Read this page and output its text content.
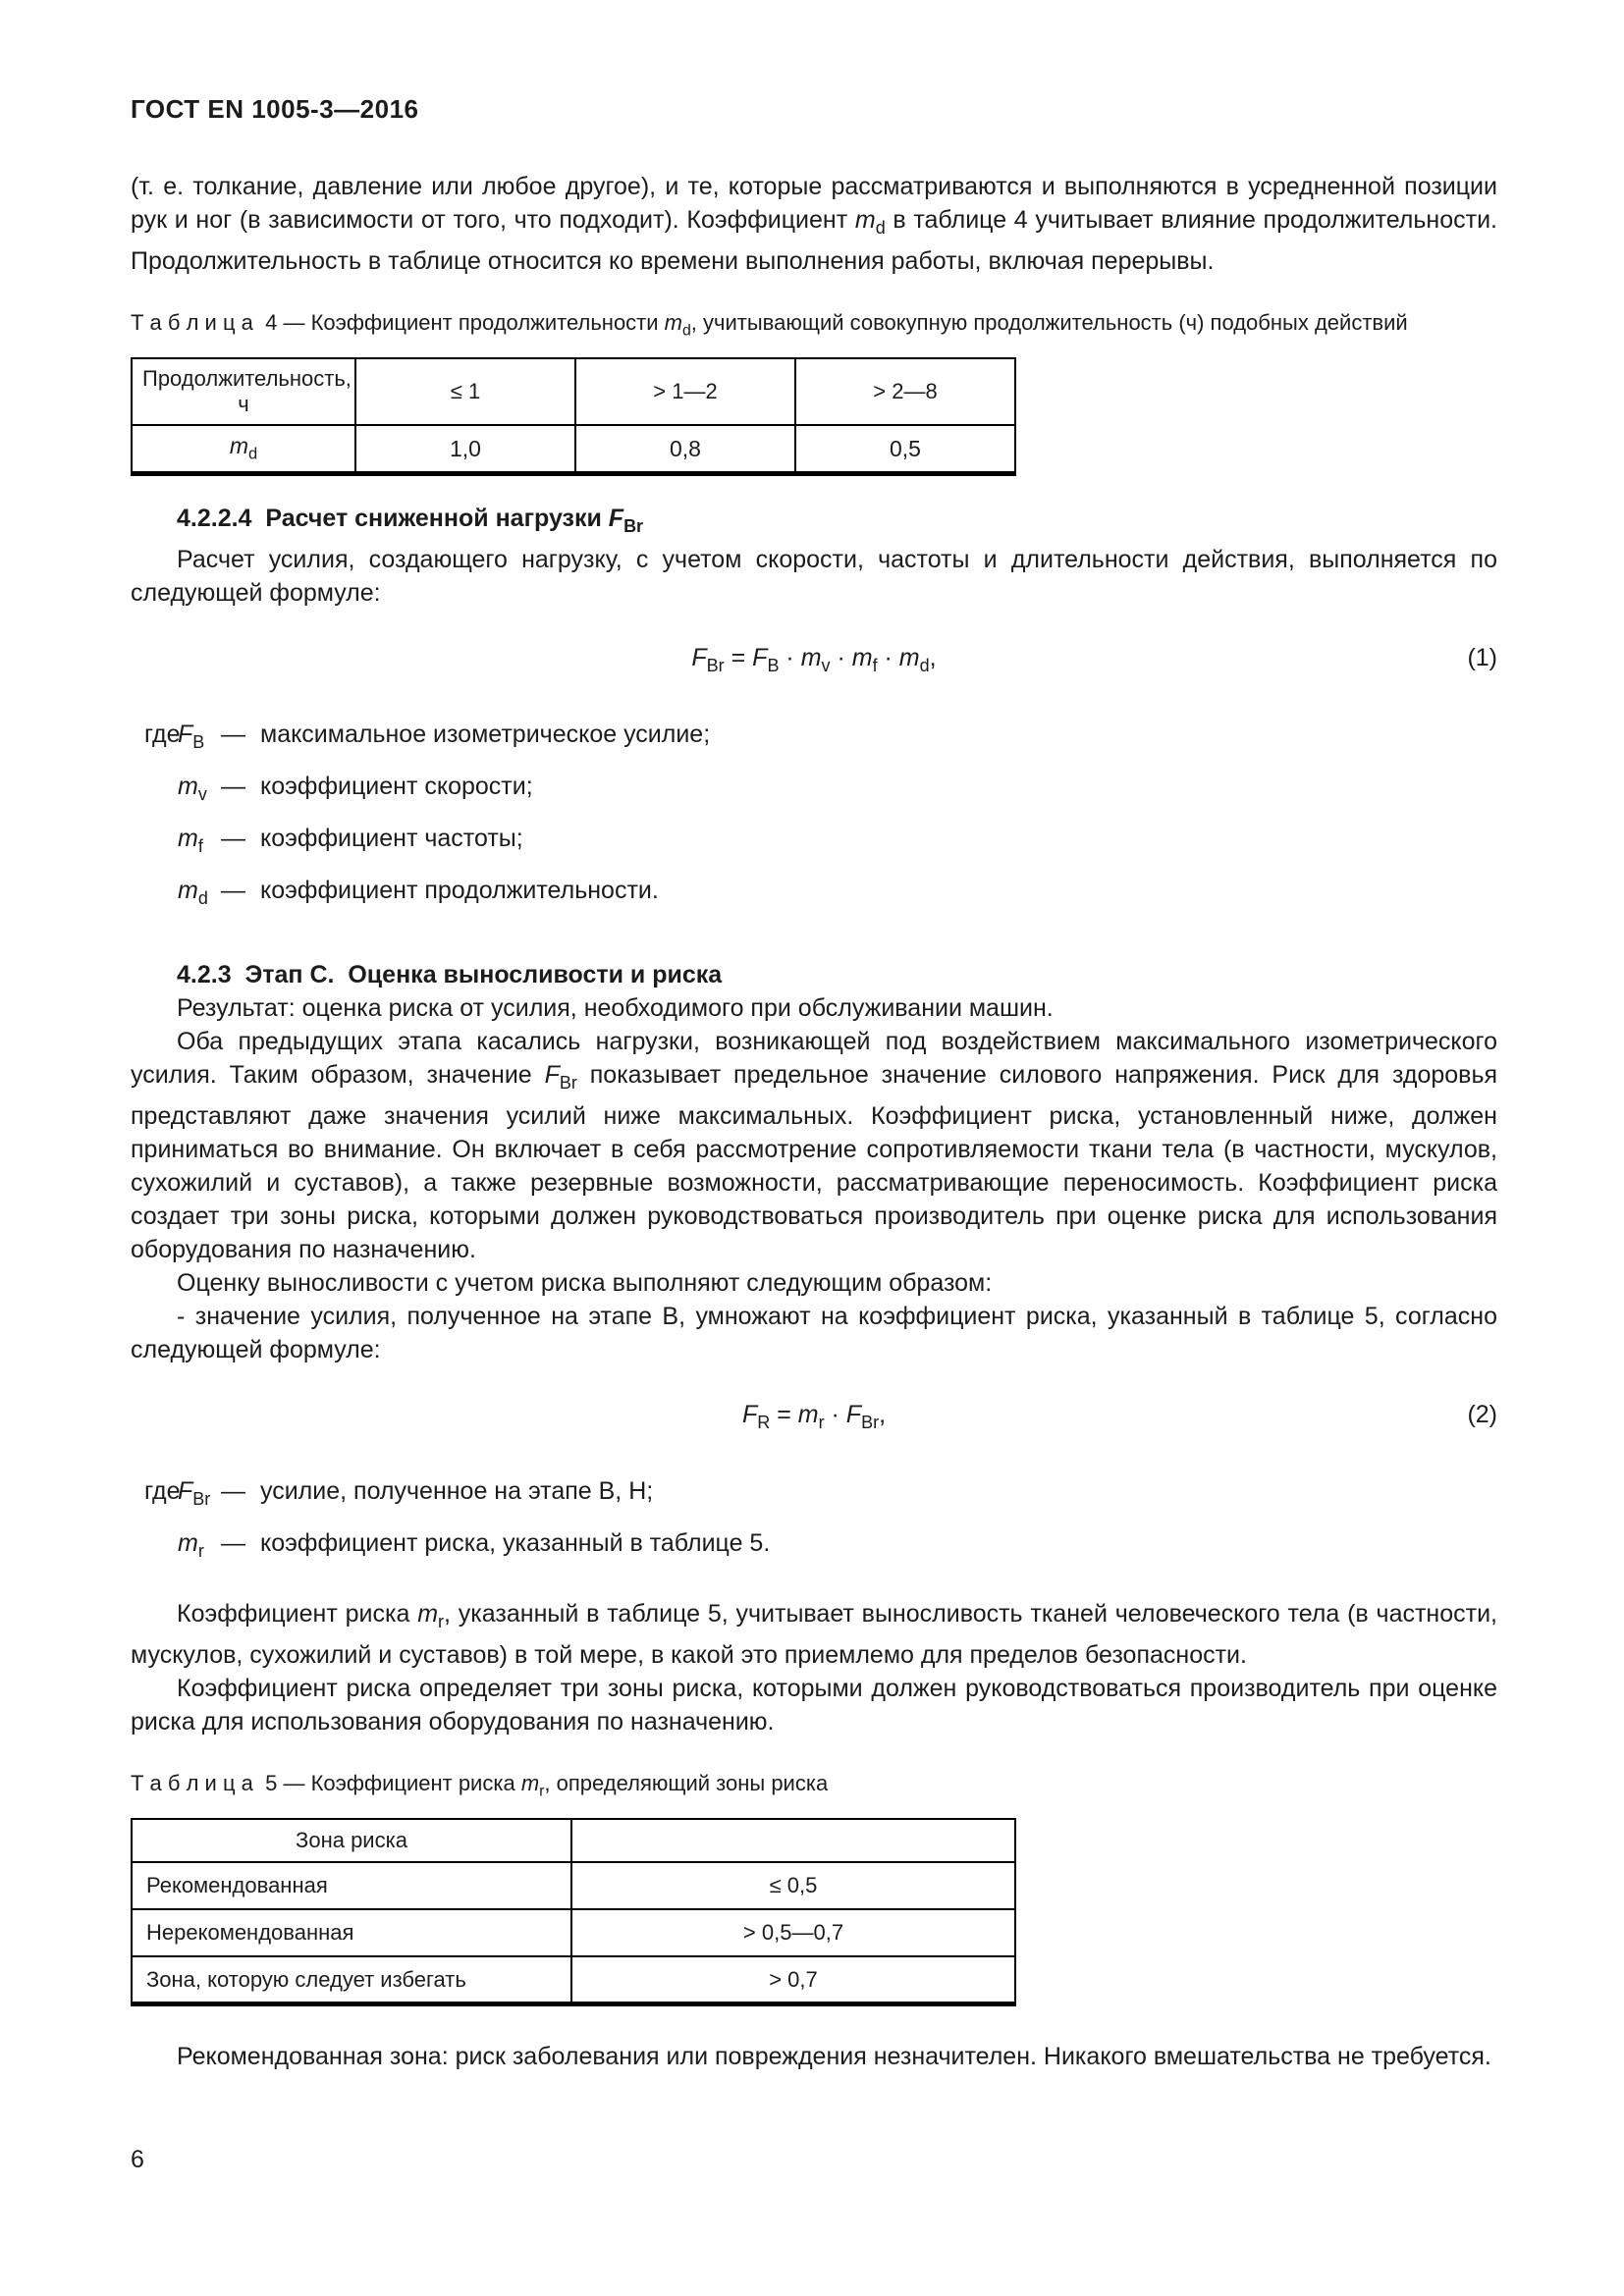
ГОСТ EN 1005-3—2016

(т. е. толкание, давление или любое другое), и те, которые рассматриваются и выполняются в усредненной позиции рук и ног (в зависимости от того, что подходит). Коэффициент $m_d$ в таблице 4 учитывает влияние продолжительности. Продолжительность в таблице относится ко времени выполнения работы, включая перерывы.

Т а б л и ц а  4 — Коэффициент продолжительности $m_d$, учитывающий совокупную продолжительность (ч) подобных действий
Продолжительность, ч	≤ 1	> 1—2	> 2—8
$m_d$	1,0	0,8	0,5
4.2.2.4  Расчет сниженной нагрузки $F_{Br}$

Расчет усилия, создающего нагрузку, с учетом скорости, частоты и длительности действия, выполняется по следующей формуле:

$F_{Br} = F_B \cdot m_v \cdot m_f \cdot m_d$,	(1)
где
$F_B$ — максимальное изометрическое усилие;
$m_v$ — коэффициент скорости;
$m_f$ — коэффициент частоты;
$m_d$ — коэффициент продолжительности.
4.2.3  Этап С.  Оценка выносливости и риска

Результат: оценка риска от усилия, необходимого при обслуживании машин.

Оба предыдущих этапа касались нагрузки, возникающей под воздействием максимального изометрического усилия. Таким образом, значение $F_{Br}$ показывает предельное значение силового напряжения. Риск для здоровья представляют даже значения усилий ниже максимальных. Коэффициент риска, установленный ниже, должен приниматься во внимание. Он включает в себя рассмотрение сопротивляемости ткани тела (в частности, мускулов, сухожилий и суставов), а также резервные возможности, рассматривающие переносимость. Коэффициент риска создает три зоны риска, которыми должен руководствоваться производитель при оценке риска для использования оборудования по назначению.

Оценку выносливости с учетом риска выполняют следующим образом:

- значение усилия, полученное на этапе В, умножают на коэффициент риска, указанный в таблице 5, согласно следующей формуле:

$F_R = m_r \cdot F_{Br}$,	(2)
где
$F_{Br}$ — усилие, полученное на этапе В, Н;
$m_r$ — коэффициент риска, указанный в таблице 5.

Коэффициент риска $m_r$, указанный в таблице 5, учитывает выносливость тканей человеческого тела (в частности, мускулов, сухожилий и суставов) в той мере, в какой это приемлемо для пределов безопасности.

Коэффициент риска определяет три зоны риска, которыми должен руководствоваться производитель при оценке риска для использования оборудования по назначению.

Т а б л и ц а  5 — Коэффициент риска $m_r$, определяющий зоны риска
Зона риска	
Рекомендованная	≤ 0,5
Нерекомендованная	> 0,5—0,7
Зона, которую следует избегать	> 0,7

Рекомендованная зона: риск заболевания или повреждения незначителен. Никакого вмешательства не требуется.

6
